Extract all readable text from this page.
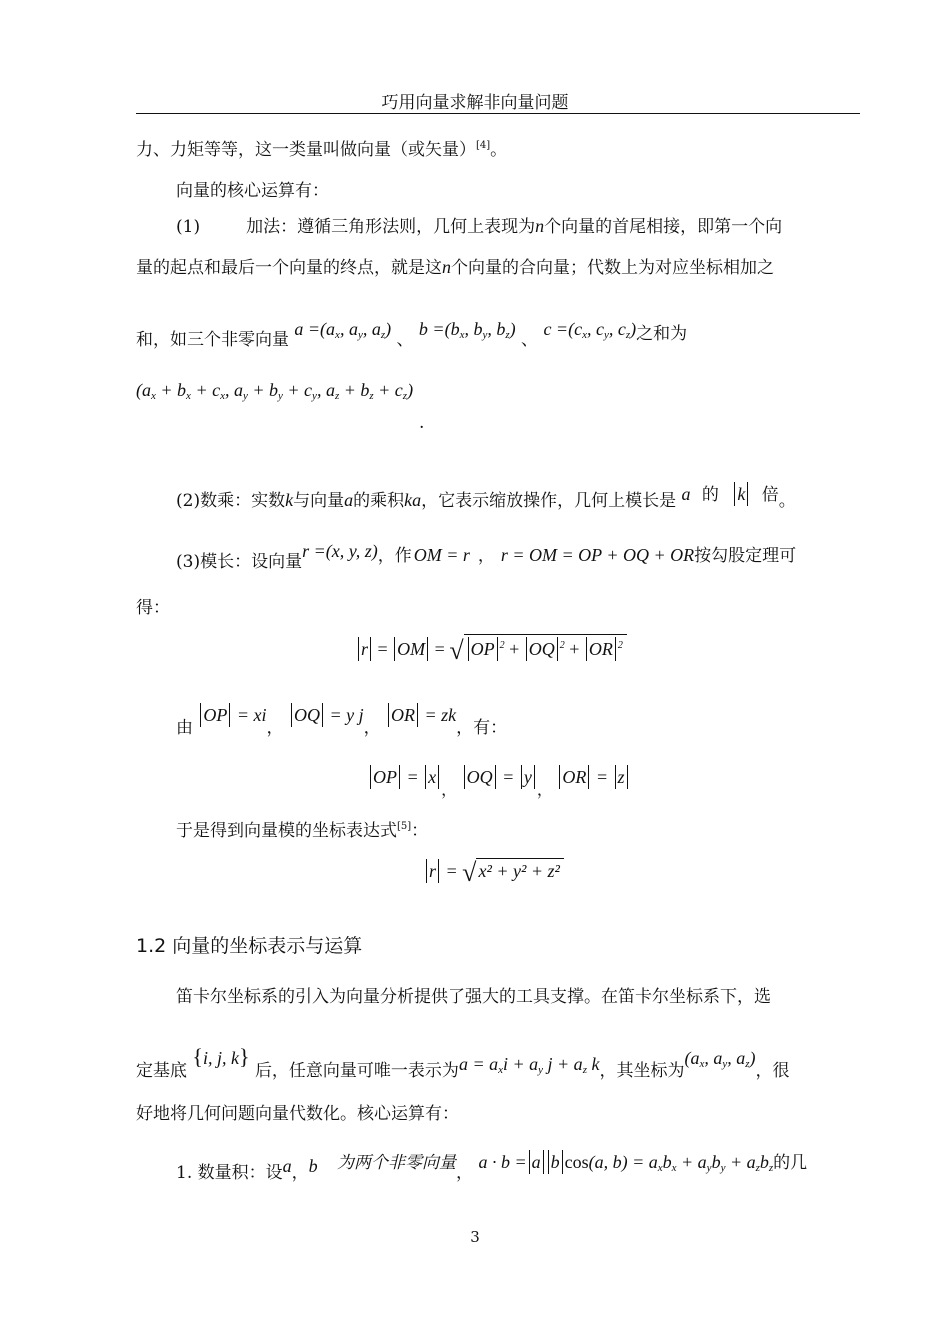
巧用向量求解非向量问题
力、力矩等等，这一类量叫做向量（或矢量）[4]。
向量的核心运算有：
(1)	加法：遵循三角形法则，几何上表现为n个向量的首尾相接，即第一个向
量的起点和最后一个向量的终点，就是这n个向量的合向量；代数上为对应坐标相加之
和，如三个非零向量 $a =(a_x$, $a_y$, $a_z$) 、 $b =(b_x$, $b_y$, $b_z$) 、 $c =(c_x$, $c_y$, $c_z$)之和为
($a_x + b_x + c_x$, $a_y + b_y + c_y$, $a_z + b_z + c_z$)
.
(2)数乘：实数k与向量a的乘积ka，它表示缩放操作，几何上模长是 a 的 k 倍。
(3)模长：设向量r =(x, y, z)，作 OM = r ， r = OM = OP + OQ + OR按勾股定理可
得：
r = OM = √ OP $^2$ + OQ $^2$ + OR $^2$
由 OP = xi， OQ = y j， OR = zk，有：
OP = x， OQ = y， OR = z
于是得到向量模的坐标表达式[5]：
r = √ x² + y² + z²
1.2 向量的坐标表示与运算
笛卡尔坐标系的引入为向量分析提供了强大的工具支撑。在笛卡尔坐标系下，选
定基底 {i, j, k} 后，任意向量可唯一表示为$a = a_xi + a_y$ $j + a_z$ k，其坐标为($a_x$, $a_y$, $a_z$)，很
好地将几何问题向量代数化。核心运算有：
1. 数量积：设a，b 为两个非零向量， a · b = a b cos(a, $b) = a_xb_x + a_yb_y + a_zb_z$的几
3
